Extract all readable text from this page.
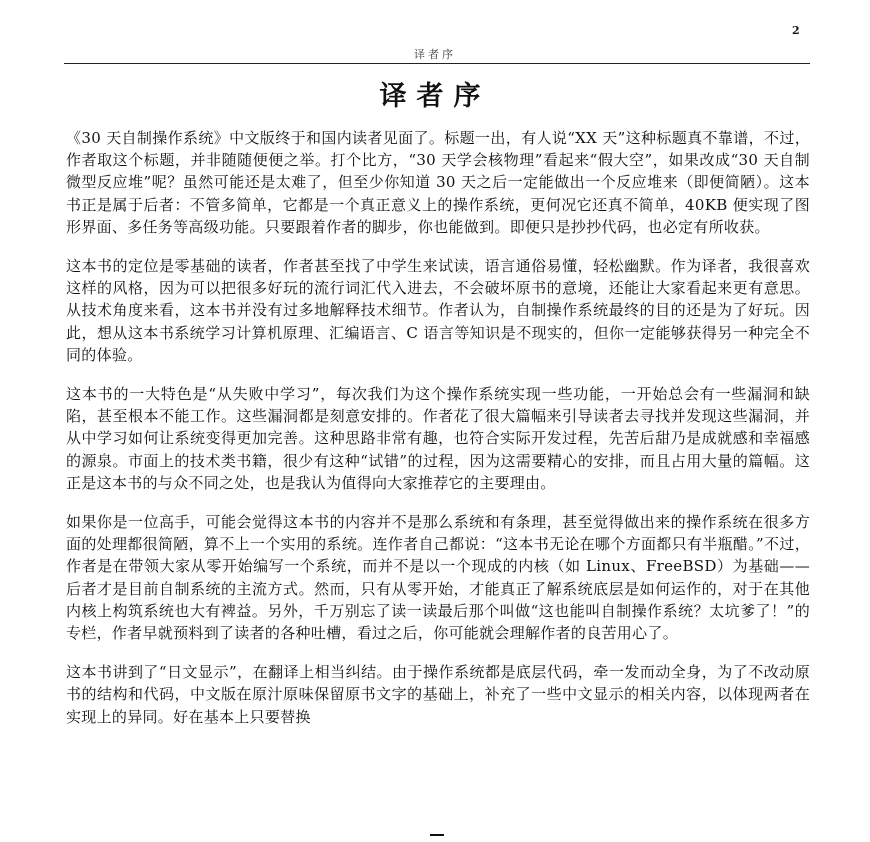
2
译者序
译者序

《30 天自制操作系统》中文版终于和国内读者见面了。标题一出，有人说“XX 天”这种标题真不靠谱，不过，作者取这个标题，并非随随便便之举。打个比方，“30 天学会核物理”看起来“假大空”，如果改成“30 天自制微型反应堆”呢？虽然可能还是太难了，但至少你知道 30 天之后一定能做出一个反应堆来（即便简陋）。这本书正是属于后者：不管多简单，它都是一个真正意义上的操作系统，更何况它还真不简单，40KB 便实现了图形界面、多任务等高级功能。只要跟着作者的脚步，你也能做到。即便只是抄抄代码，也必定有所收获。

这本书的定位是零基础的读者，作者甚至找了中学生来试读，语言通俗易懂，轻松幽默。作为译者，我很喜欢这样的风格，因为可以把很多好玩的流行词汇代入进去，不会破坏原书的意境，还能让大家看起来更有意思。从技术角度来看，这本书并没有过多地解释技术细节。作者认为，自制操作系统最终的目的还是为了好玩。因此，想从这本书系统学习计算机原理、汇编语言、C 语言等知识是不现实的，但你一定能够获得另一种完全不同的体验。

这本书的一大特色是“从失败中学习”，每次我们为这个操作系统实现一些功能，一开始总会有一些漏洞和缺陷，甚至根本不能工作。这些漏洞都是刻意安排的。作者花了很大篇幅来引导读者去寻找并发现这些漏洞，并从中学习如何让系统变得更加完善。这种思路非常有趣，也符合实际开发过程，先苦后甜乃是成就感和幸福感的源泉。市面上的技术类书籍，很少有这种“试错”的过程，因为这需要精心的安排，而且占用大量的篇幅。这正是这本书的与众不同之处，也是我认为值得向大家推荐它的主要理由。

如果你是一位高手，可能会觉得这本书的内容并不是那么系统和有条理，甚至觉得做出来的操作系统在很多方面的处理都很简陋，算不上一个实用的系统。连作者自己都说：“这本书无论在哪个方面都只有半瓶醋。”不过，作者是在带领大家从零开始编写一个系统，而并不是以一个现成的内核（如 Linux、FreeBSD）为基础——后者才是目前自制系统的主流方式。然而，只有从零开始，才能真正了解系统底层是如何运作的，对于在其他内核上构筑系统也大有裨益。另外，千万别忘了读一读最后那个叫做“这也能叫自制操作系统？太坑爹了！”的专栏，作者早就预料到了读者的各种吐槽，看过之后，你可能就会理解作者的良苦用心了。

这本书讲到了“日文显示”，在翻译上相当纠结。由于操作系统都是底层代码，牵一发而动全身，为了不改动原书的结构和代码，中文版在原汁原味保留原书文字的基础上，补充了一些中文显示的相关内容，以体现两者在实现上的异同。好在基本上只要替换
